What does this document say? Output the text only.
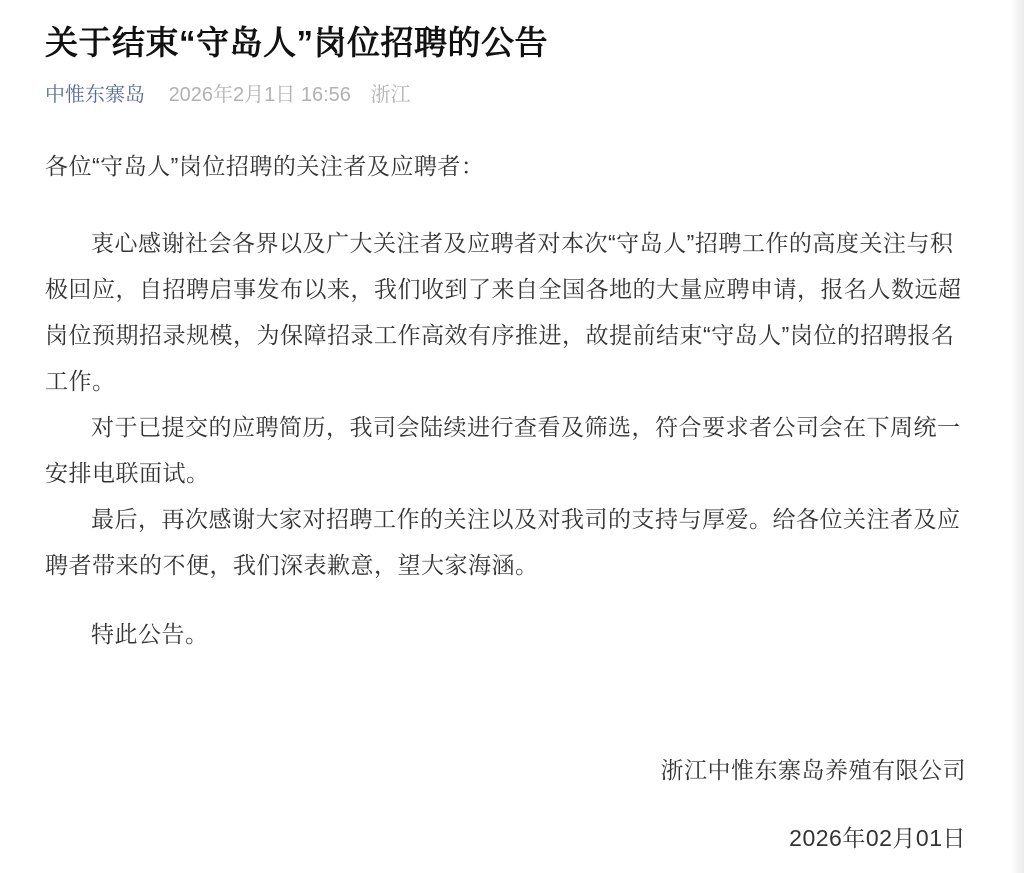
关于结束“守岛人”岗位招聘的公告
中惟东寨岛 2026年2月1日 16:56 浙江

各位“守岛人”岗位招聘的关注者及应聘者：

衷心感谢社会各界以及广大关注者及应聘者对本次“守岛人”招聘工作的高度关注与积极回应，自招聘启事发布以来，我们收到了来自全国各地的大量应聘申请，报名人数远超岗位预期招录规模，为保障招录工作高效有序推进，故提前结束“守岛人”岗位的招聘报名工作。

对于已提交的应聘简历，我司会陆续进行查看及筛选，符合要求者公司会在下周统一安排电联面试。

最后，再次感谢大家对招聘工作的关注以及对我司的支持与厚爱。给各位关注者及应聘者带来的不便，我们深表歉意，望大家海涵。

特此公告。

浙江中惟东寨岛养殖有限公司

2026年02月01日
